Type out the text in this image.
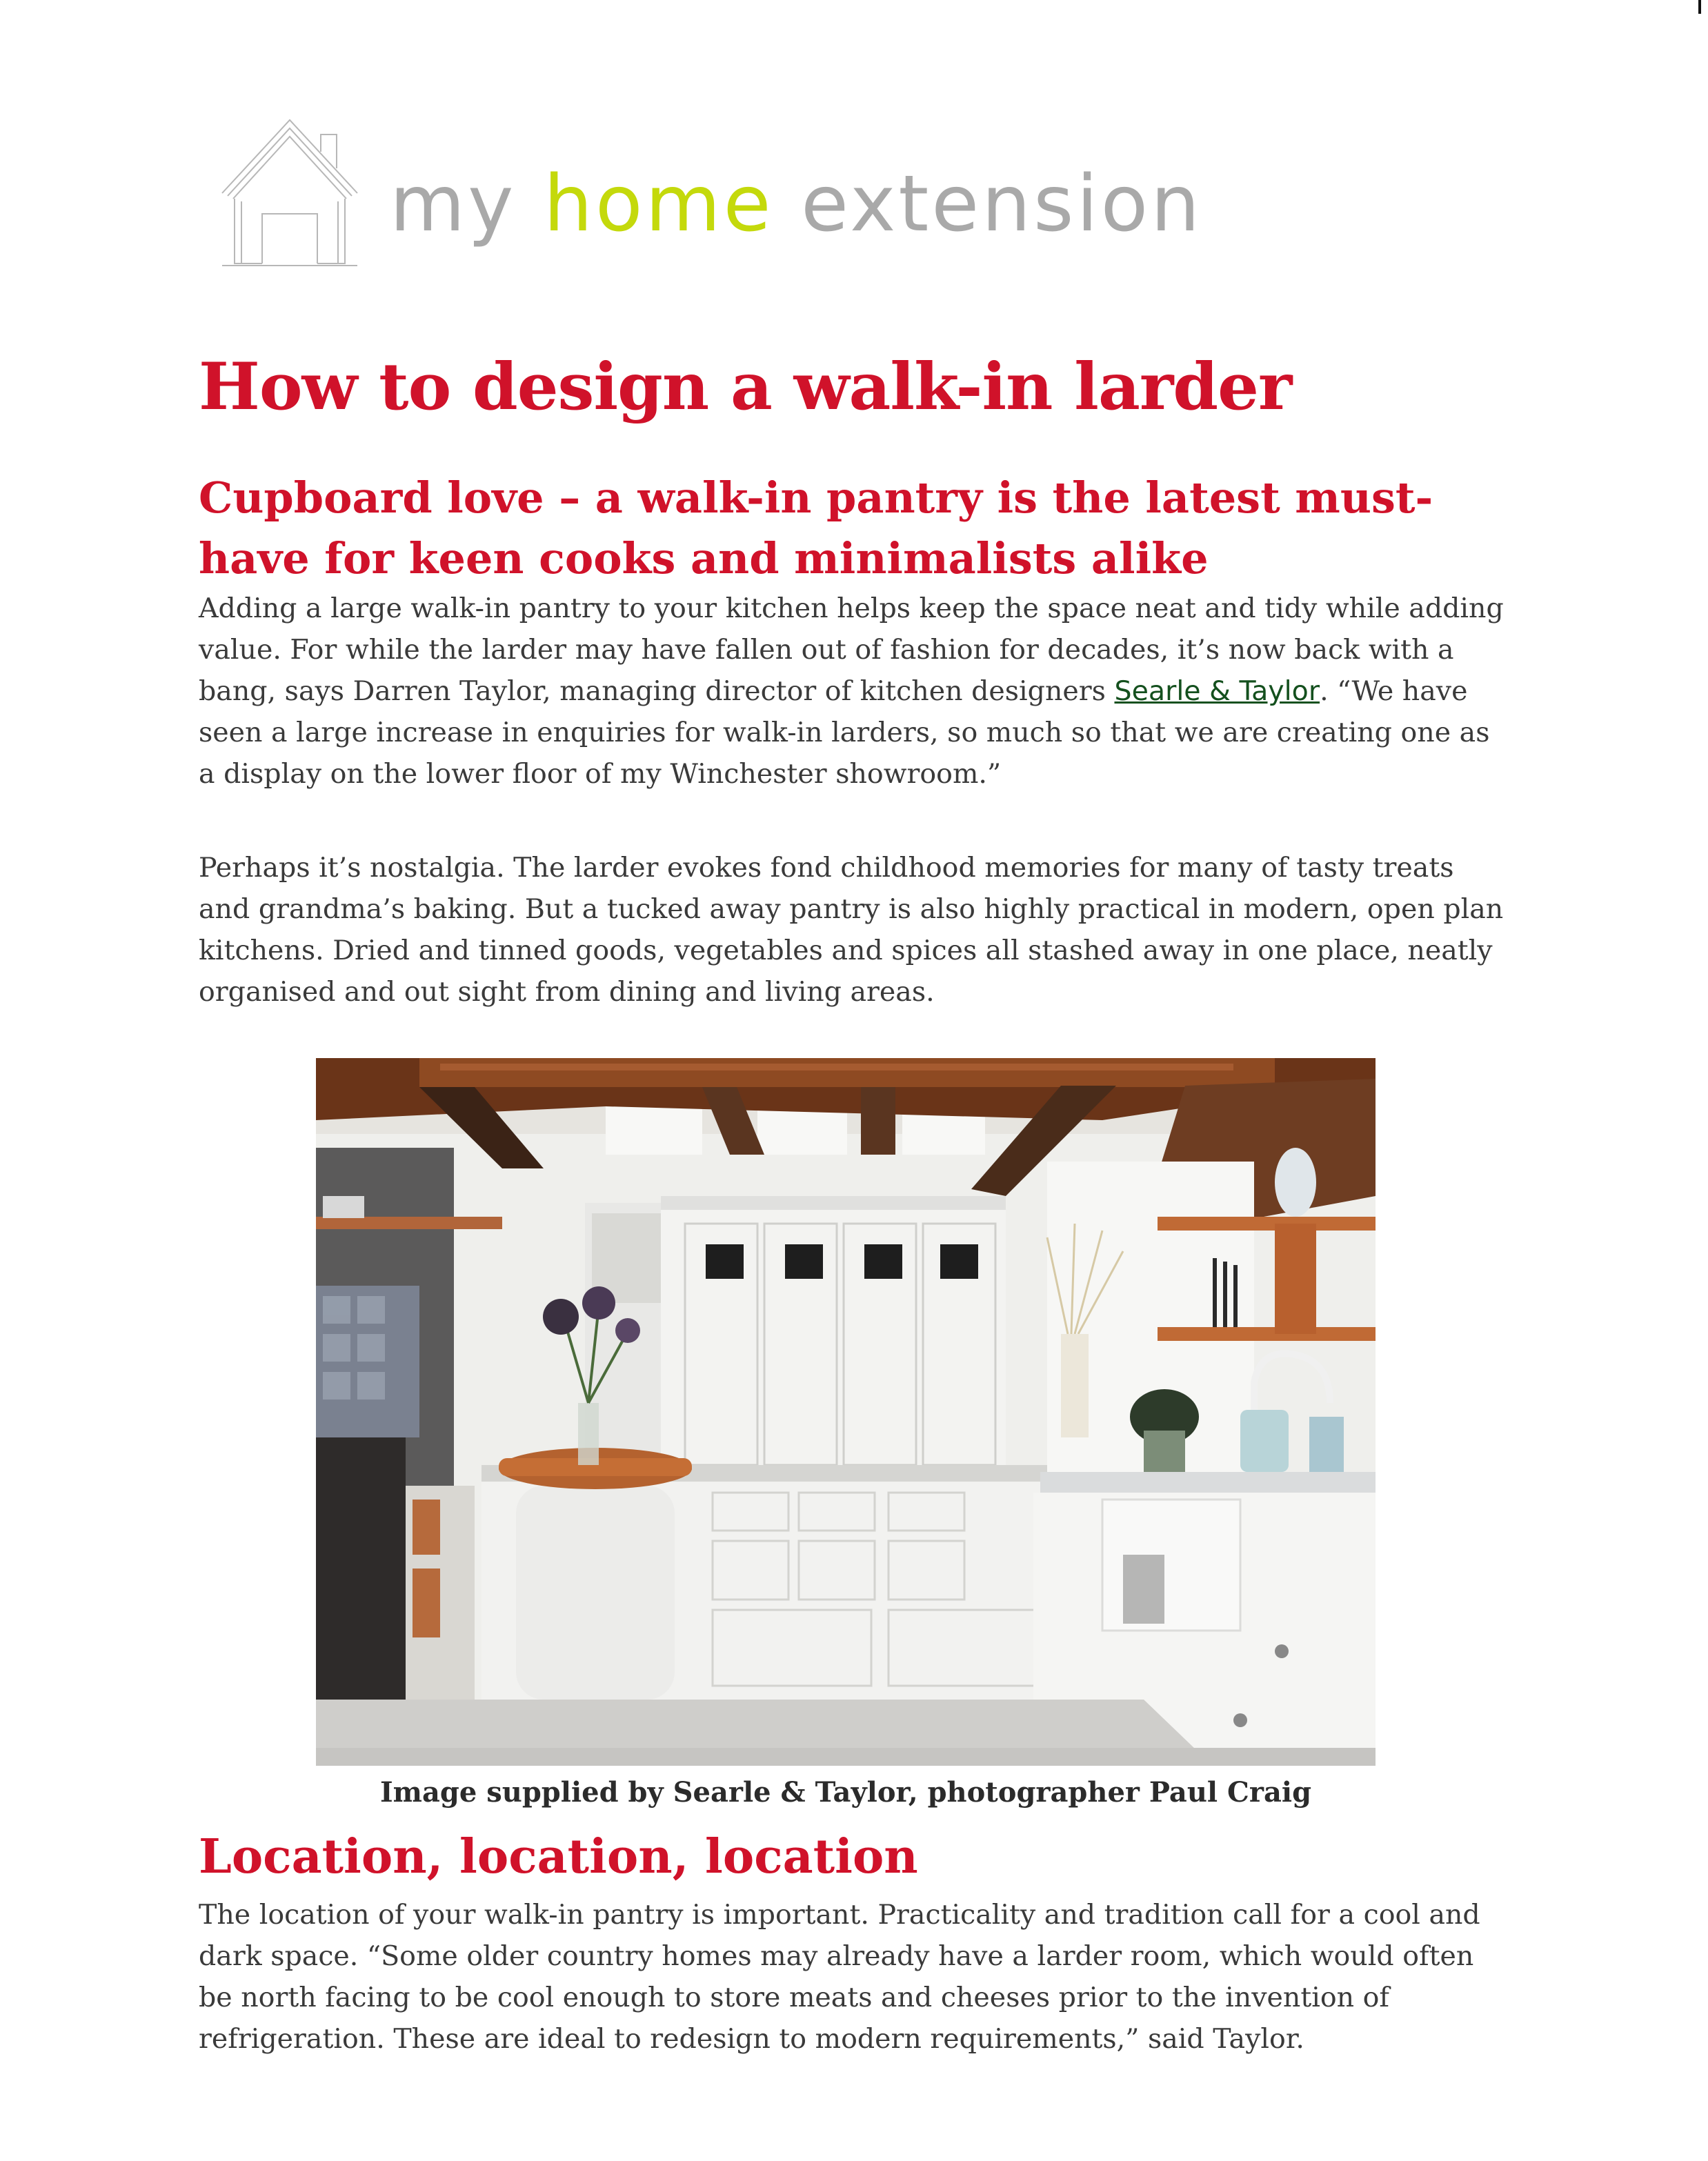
my home extension
How to design a walk-in larder
Cupboard love – a walk-in pantry is the latest must-have for keen cooks and minimalists alike

Adding a large walk-in pantry to your kitchen helps keep the space neat and tidy while adding value. For while the larder may have fallen out of fashion for decades, it’s now back with a bang, says Darren Taylor, managing director of kitchen designers Searle & Taylor. “We have seen a large increase in enquiries for walk-in larders, so much so that we are creating one as a display on the lower floor of my Winchester showroom.”

Perhaps it’s nostalgia. The larder evokes fond childhood memories for many of tasty treats and grandma’s baking. But a tucked away pantry is also highly practical in modern, open plan kitchens. Dried and tinned goods, vegetables and spices all stashed away in one place, neatly organised and out sight from dining and living areas.

Image supplied by Searle & Taylor, photographer Paul Craig

Location, location, location

The location of your walk-in pantry is important. Practicality and tradition call for a cool and dark space. “Some older country homes may already have a larder room, which would often be north facing to be cool enough to store meats and cheeses prior to the invention of refrigeration. These are ideal to redesign to modern requirements,” said Taylor.
